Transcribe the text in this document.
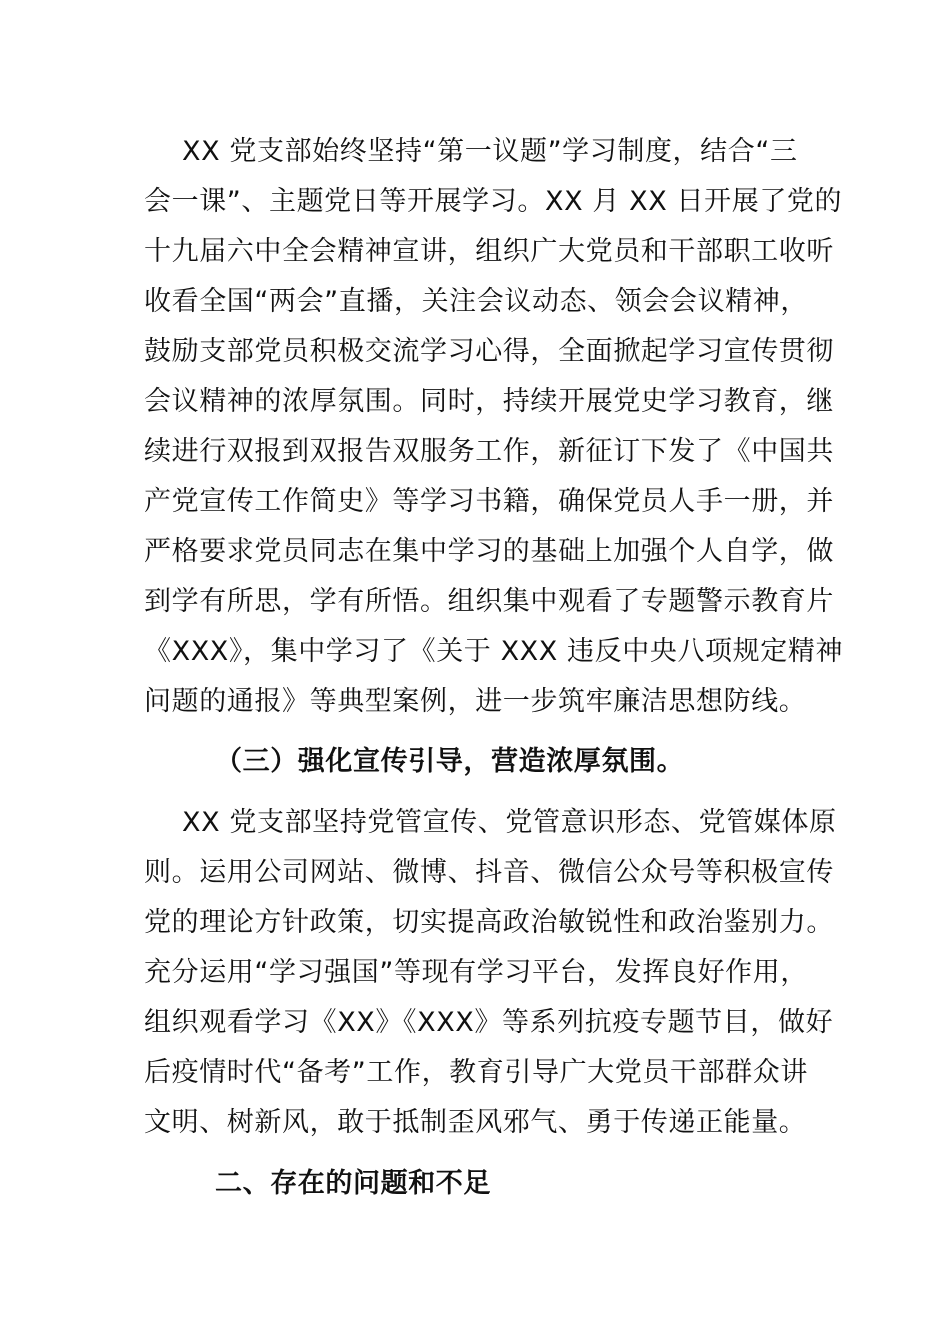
XX 党支部始终坚持“第一议题”学习制度，结合“三
会一课”、主题党日等开展学习。XX 月 XX 日开展了党的
十九届六中全会精神宣讲，组织广大党员和干部职工收听
收看全国“两会”直播，关注会议动态、领会会议精神，
鼓励支部党员积极交流学习心得，全面掀起学习宣传贯彻
会议精神的浓厚氛围。同时，持续开展党史学习教育，继
续进行双报到双报告双服务工作，新征订下发了《中国共
产党宣传工作简史》等学习书籍，确保党员人手一册，并
严格要求党员同志在集中学习的基础上加强个人自学，做
到学有所思，学有所悟。组织集中观看了专题警示教育片
《XXX》，集中学习了《关于 XXX 违反中央八项规定精神
问题的通报》等典型案例，进一步筑牢廉洁思想防线。
（三）强化宣传引导，营造浓厚氛围。
XX 党支部坚持党管宣传、党管意识形态、党管媒体原
则。运用公司网站、微博、抖音、微信公众号等积极宣传
党的理论方针政策，切实提高政治敏锐性和政治鉴别力。
充分运用“学习强国”等现有学习平台，发挥良好作用，
组织观看学习《XX》《XXX》等系列抗疫专题节目，做好
后疫情时代“备考”工作，教育引导广大党员干部群众讲
文明、树新风，敢于抵制歪风邪气、勇于传递正能量。
二、存在的问题和不足
